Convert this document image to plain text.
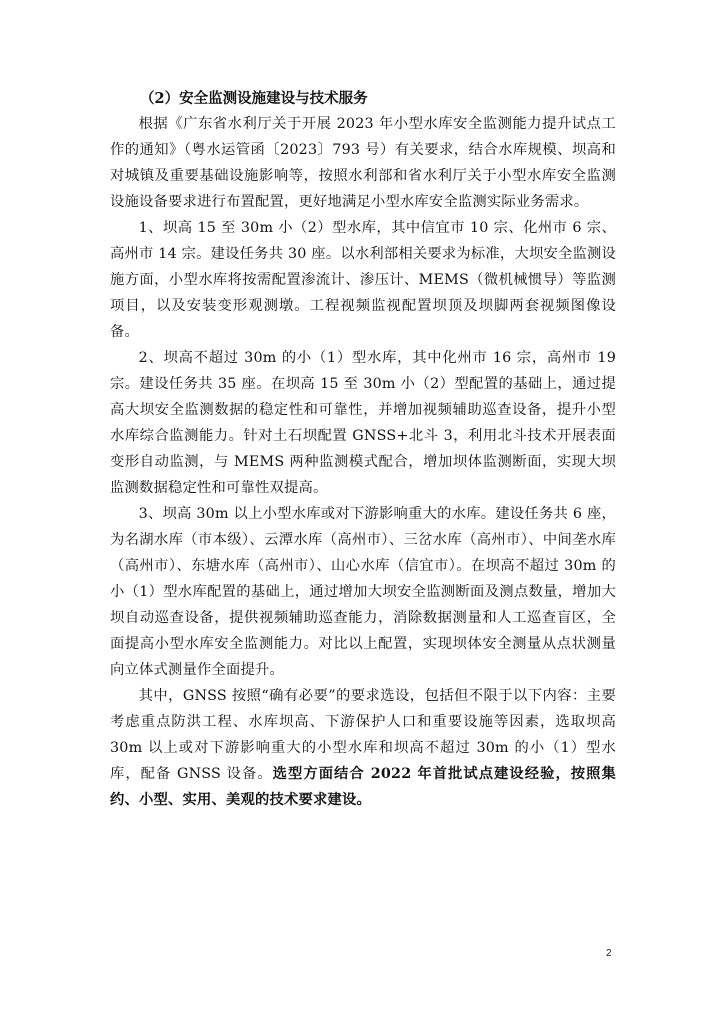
（2）安全监测设施建设与技术服务

根据《广东省水利厅关于开展 2023 年小型水库安全监测能力提升试点工作的通知》（粤水运管函〔2023〕793 号）有关要求，结合水库规模、坝高和对城镇及重要基础设施影响等，按照水利部和省水利厅关于小型水库安全监测设施设备要求进行布置配置，更好地满足小型水库安全监测实际业务需求。

1、坝高 15 至 30m 小（2）型水库，其中信宜市 10 宗、化州市 6 宗、高州市 14 宗。建设任务共 30 座。以水利部相关要求为标准，大坝安全监测设施方面，小型水库将按需配置渗流计、渗压计、MEMS（微机械惯导）等监测项目，以及安装变形观测墩。工程视频监视配置坝顶及坝脚两套视频图像设备。

2、坝高不超过 30m 的小（1）型水库，其中化州市 16 宗，高州市 19 宗。建设任务共 35 座。在坝高 15 至 30m 小（2）型配置的基础上，通过提高大坝安全监测数据的稳定性和可靠性，并增加视频辅助巡查设备，提升小型水库综合监测能力。针对土石坝配置 GNSS+北斗 3，利用北斗技术开展表面变形自动监测，与 MEMS 两种监测模式配合，增加坝体监测断面，实现大坝监测数据稳定性和可靠性双提高。

3、坝高 30m 以上小型水库或对下游影响重大的水库。建设任务共 6 座，为名湖水库（市本级）、云潭水库（高州市）、三岔水库（高州市）、中间垄水库（高州市）、东塘水库（高州市）、山心水库（信宜市）。在坝高不超过 30m 的小（1）型水库配置的基础上，通过增加大坝安全监测断面及测点数量，增加大坝自动巡查设备，提供视频辅助巡查能力，消除数据测量和人工巡查盲区，全面提高小型水库安全监测能力。对比以上配置，实现坝体安全测量从点状测量向立体式测量作全面提升。

其中，GNSS 按照“确有必要”的要求选设，包括但不限于以下内容：主要考虑重点防洪工程、水库坝高、下游保护人口和重要设施等因素，选取坝高 30m 以上或对下游影响重大的小型水库和坝高不超过 30m 的小（1）型水库，配备 GNSS 设备。选型方面结合 2022 年首批试点建设经验，按照集约、小型、实用、美观的技术要求建设。

2
